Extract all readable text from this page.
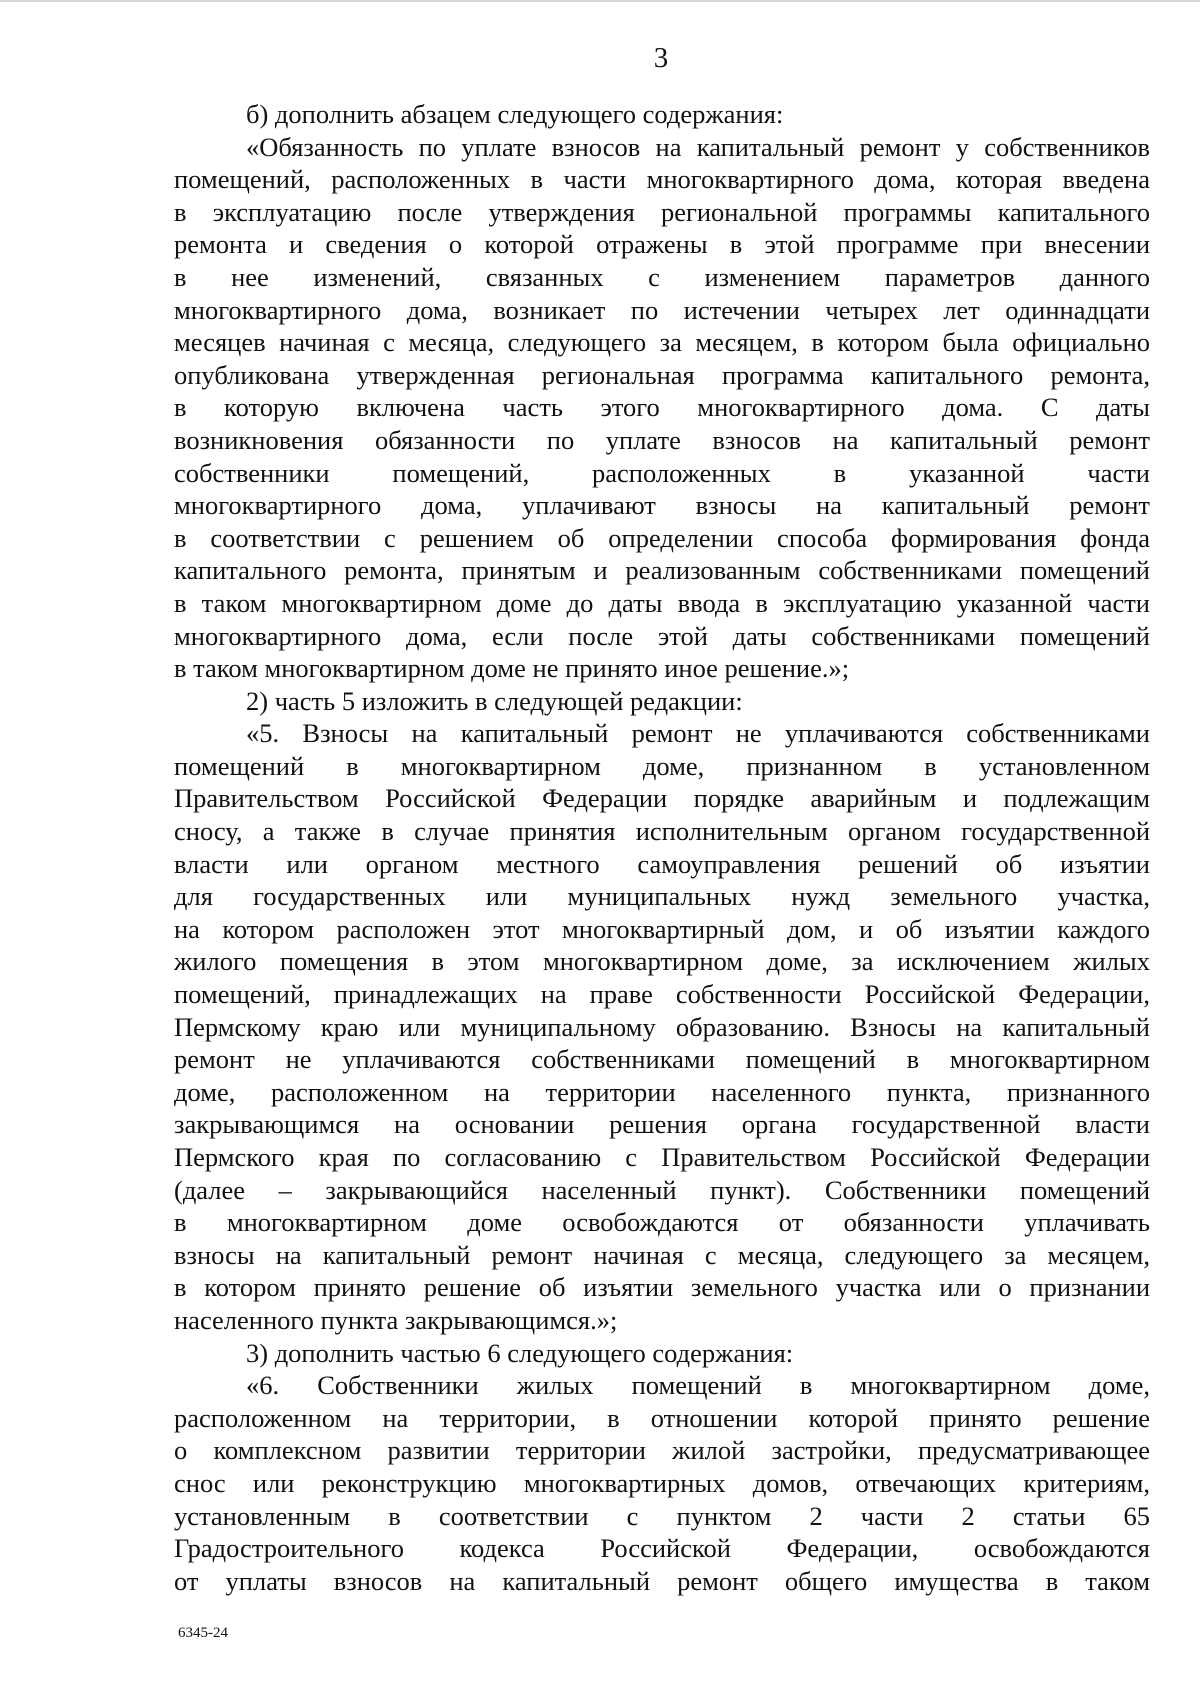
3
б) дополнить абзацем следующего содержания:
«Обязанность по уплате взносов на капитальный ремонт у собственников
помещений, расположенных в части многоквартирного дома, которая введена
в эксплуатацию после утверждения региональной программы капитального
ремонта и сведения о которой отражены в этой программе при внесении
в нее изменений, связанных с изменением параметров данного
многоквартирного дома, возникает по истечении четырех лет одиннадцати
месяцев начиная с месяца, следующего за месяцем, в котором была официально
опубликована утвержденная региональная программа капитального ремонта,
в которую включена часть этого многоквартирного дома. С даты
возникновения обязанности по уплате взносов на капитальный ремонт
собственники помещений, расположенных в указанной части
многоквартирного дома, уплачивают взносы на капитальный ремонт
в соответствии с решением об определении способа формирования фонда
капитального ремонта, принятым и реализованным собственниками помещений
в таком многоквартирном доме до даты ввода в эксплуатацию указанной части
многоквартирного дома, если после этой даты собственниками помещений
в таком многоквартирном доме не принято иное решение.»;
2) часть 5 изложить в следующей редакции:
«5. Взносы на капитальный ремонт не уплачиваются собственниками
помещений в многоквартирном доме, признанном в установленном
Правительством Российской Федерации порядке аварийным и подлежащим
сносу, а также в случае принятия исполнительным органом государственной
власти или органом местного самоуправления решений об изъятии
для государственных или муниципальных нужд земельного участка,
на котором расположен этот многоквартирный дом, и об изъятии каждого
жилого помещения в этом многоквартирном доме, за исключением жилых
помещений, принадлежащих на праве собственности Российской Федерации,
Пермскому краю или муниципальному образованию. Взносы на капитальный
ремонт не уплачиваются собственниками помещений в многоквартирном
доме, расположенном на территории населенного пункта, признанного
закрывающимся на основании решения органа государственной власти
Пермского края по согласованию с Правительством Российской Федерации
(далее – закрывающийся населенный пункт). Собственники помещений
в многоквартирном доме освобождаются от обязанности уплачивать
взносы на капитальный ремонт начиная с месяца, следующего за месяцем,
в котором принято решение об изъятии земельного участка или о признании
населенного пункта закрывающимся.»;
3) дополнить частью 6 следующего содержания:
«6. Собственники жилых помещений в многоквартирном доме,
расположенном на территории, в отношении которой принято решение
о комплексном развитии территории жилой застройки, предусматривающее
снос или реконструкцию многоквартирных домов, отвечающих критериям,
установленным в соответствии с пунктом 2 части 2 статьи 65
Градостроительного кодекса Российской Федерации, освобождаются
от уплаты взносов на капитальный ремонт общего имущества в таком
6345-24
